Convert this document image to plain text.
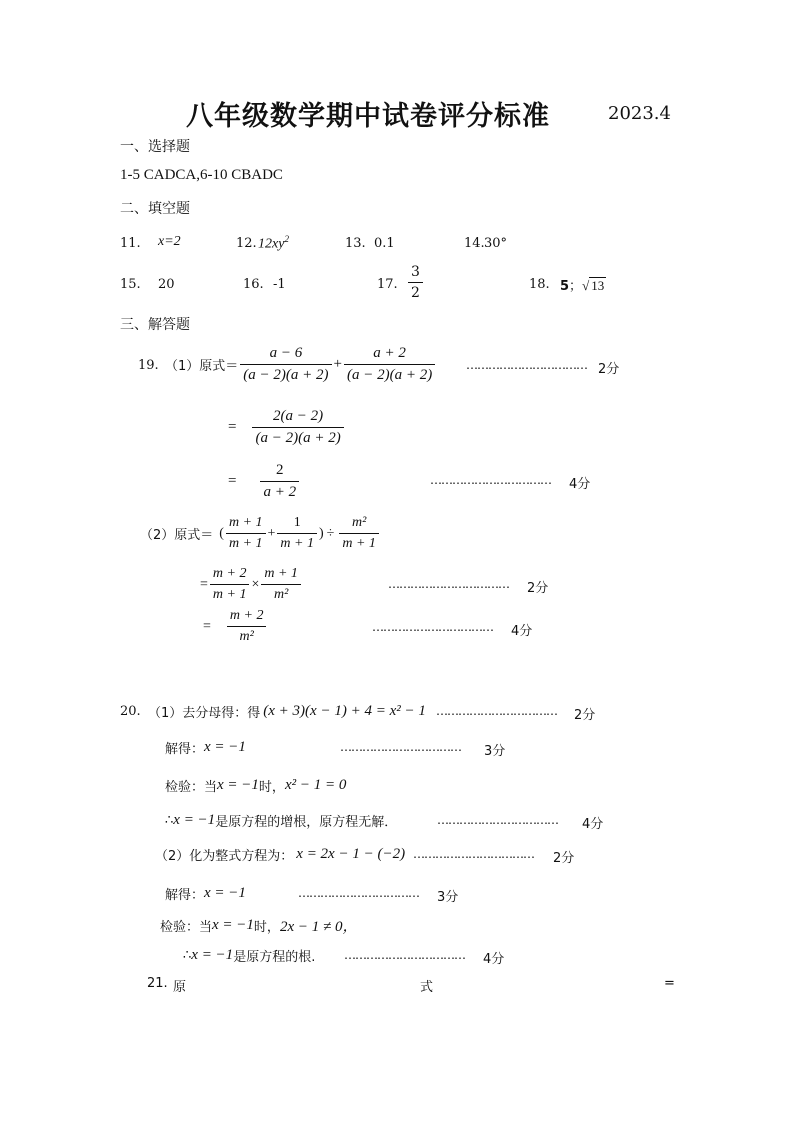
八年级数学期中试卷评分标准	2023.4
一、选择题
1-5 CADCA,6-10 CBADC
二、填空题
11. x=2	12. $12xy^2$	13. 0.1	14. 30°
15. 20	16. -1	17. $\frac{3}{2}$	18. 5；√ 13
三、解答题
19. （1）原式＝ $\frac{a - 6}{(a - 2)(a + 2)} + \frac{a + 2}{(a - 2)(a + 2)}$	…………………………… 2分
= $\frac{2(a - 2)}{(a - 2)(a + 2)}$
= $\frac{2}{a + 2}$	…………………………… 4分
（2）原式＝ ( $\frac{m + 1}{m + 1} + \frac{1}{m + 1}$ ) ÷ $\frac{\text{m²}}{m + 1}$
= $\frac{m + 2}{m + 1} \times \frac{m + 1}{\text{m²}}$	…………………………… 2分
= $\frac{m + 2}{\text{m²}}$	…………………………… 4分
20. （1）去分母得：得 (x + 3)(x − 1) + 4 = x² − 1 …………………………… 2分
解得： x = −1	…………………………… 3分
检验：当 x = −1 时， x² − 1 = 0
∴ x = −1 是原方程的增根，原方程无解．	…………………………… 4分
（2）化为整式方程为： x = 2x − 1 − (−2) …………………………… 2分
解得： x = −1	…………………………… 3分
检验：当 x = −1 时， 2x − 1 ≠ 0，
∴ x = −1 是原方程的根. …………………………… 4分
21. 原	式	=
